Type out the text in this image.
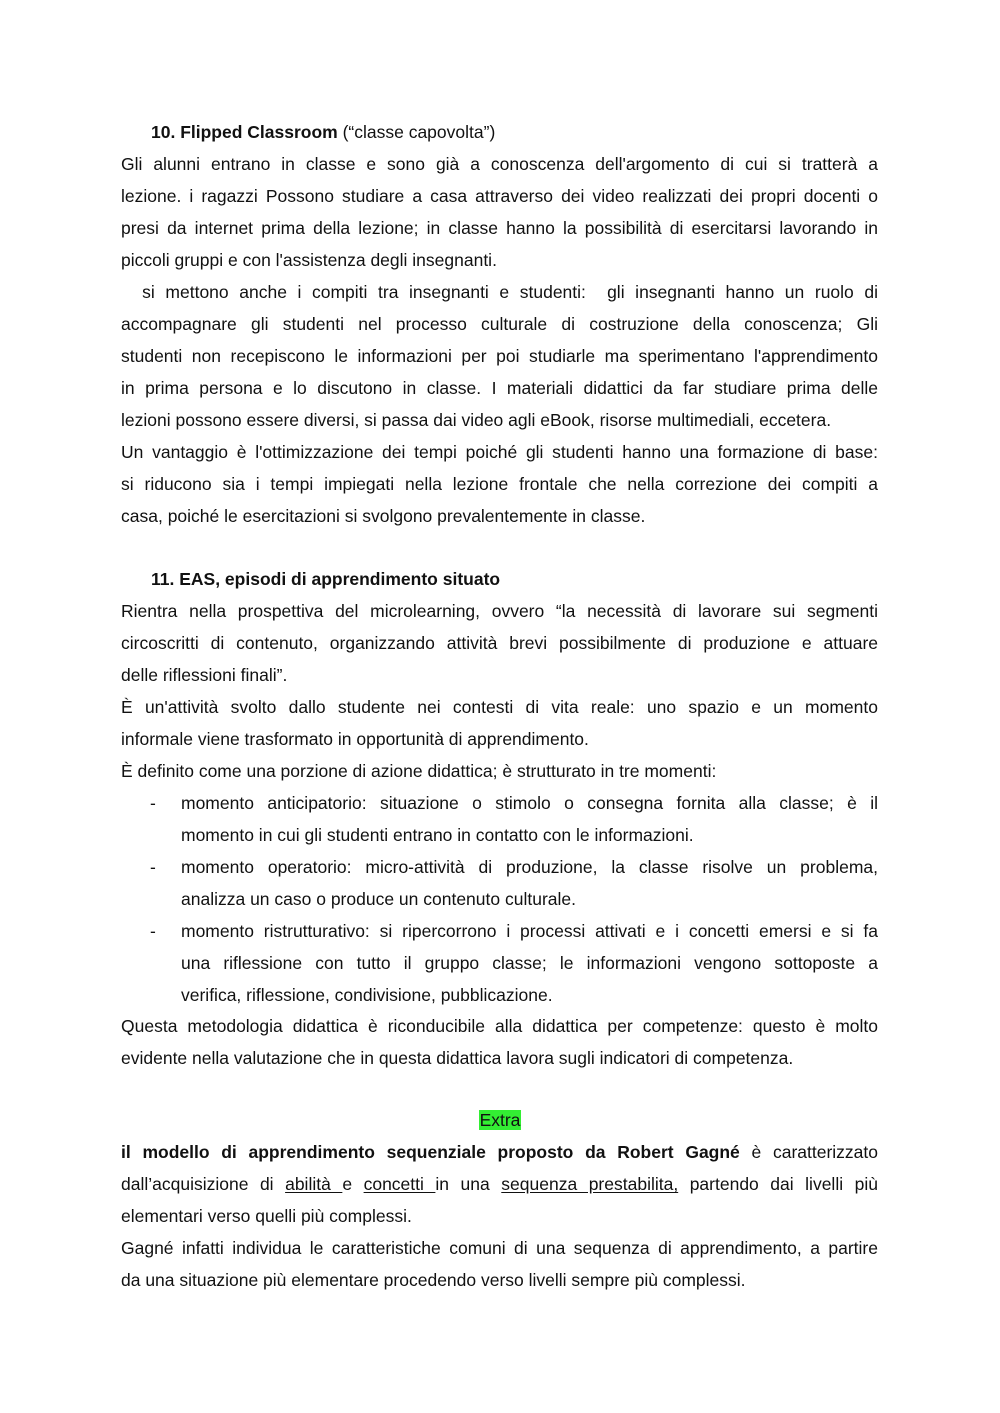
10. Flipped Classroom (“classe capovolta”)
Gli alunni entrano in classe e sono già a conoscenza dell'argomento di cui si tratterà a
lezione. i ragazzi Possono studiare a casa attraverso dei video realizzati dei propri docenti o
presi da internet prima della lezione; in classe hanno la possibilità di esercitarsi lavorando in
piccoli gruppi e con l'assistenza degli insegnanti.
si mettono anche i compiti tra insegnanti e studenti:  gli insegnanti hanno un ruolo di
accompagnare gli studenti nel processo culturale di costruzione della conoscenza; Gli
studenti non recepiscono le informazioni per poi studiarle ma sperimentano l'apprendimento
in prima persona e lo discutono in classe. I materiali didattici da far studiare prima delle
lezioni possono essere diversi, si passa dai video agli eBook, risorse multimediali, eccetera.
Un vantaggio è l'ottimizzazione dei tempi poiché gli studenti hanno una formazione di base:
si riducono sia i tempi impiegati nella lezione frontale che nella correzione dei compiti a
casa, poiché le esercitazioni si svolgono prevalentemente in classe.
11. EAS, episodi di apprendimento situato
Rientra nella prospettiva del microlearning, ovvero “la necessità di lavorare sui segmenti
circoscritti di contenuto, organizzando attività brevi possibilmente di produzione e attuare
delle riflessioni finali”.
È un'attività svolto dallo studente nei contesti di vita reale: uno spazio e un momento
informale viene trasformato in opportunità di apprendimento.
È definito come una porzione di azione didattica; è strutturato in tre momenti:
- momento anticipatorio: situazione o stimolo o consegna fornita alla classe; è il
momento in cui gli studenti entrano in contatto con le informazioni.
- momento operatorio: micro-attività di produzione, la classe risolve un problema,
analizza un caso o produce un contenuto culturale.
- momento ristrutturativo: si ripercorrono i processi attivati e i concetti emersi e si fa
una riflessione con tutto il gruppo classe; le informazioni vengono sottoposte a
verifica, riflessione, condivisione, pubblicazione.
Questa metodologia didattica è riconducibile alla didattica per competenze: questo è molto
evidente nella valutazione che in questa didattica lavora sugli indicatori di competenza.
Extra
il modello di apprendimento sequenziale proposto da Robert Gagné è caratterizzato
dall’acquisizione di abilità e concetti in una sequenza prestabilita, partendo dai livelli più
elementari verso quelli più complessi.
Gagné infatti individua le caratteristiche comuni di una sequenza di apprendimento, a partire
da una situazione più elementare procedendo verso livelli sempre più complessi.
